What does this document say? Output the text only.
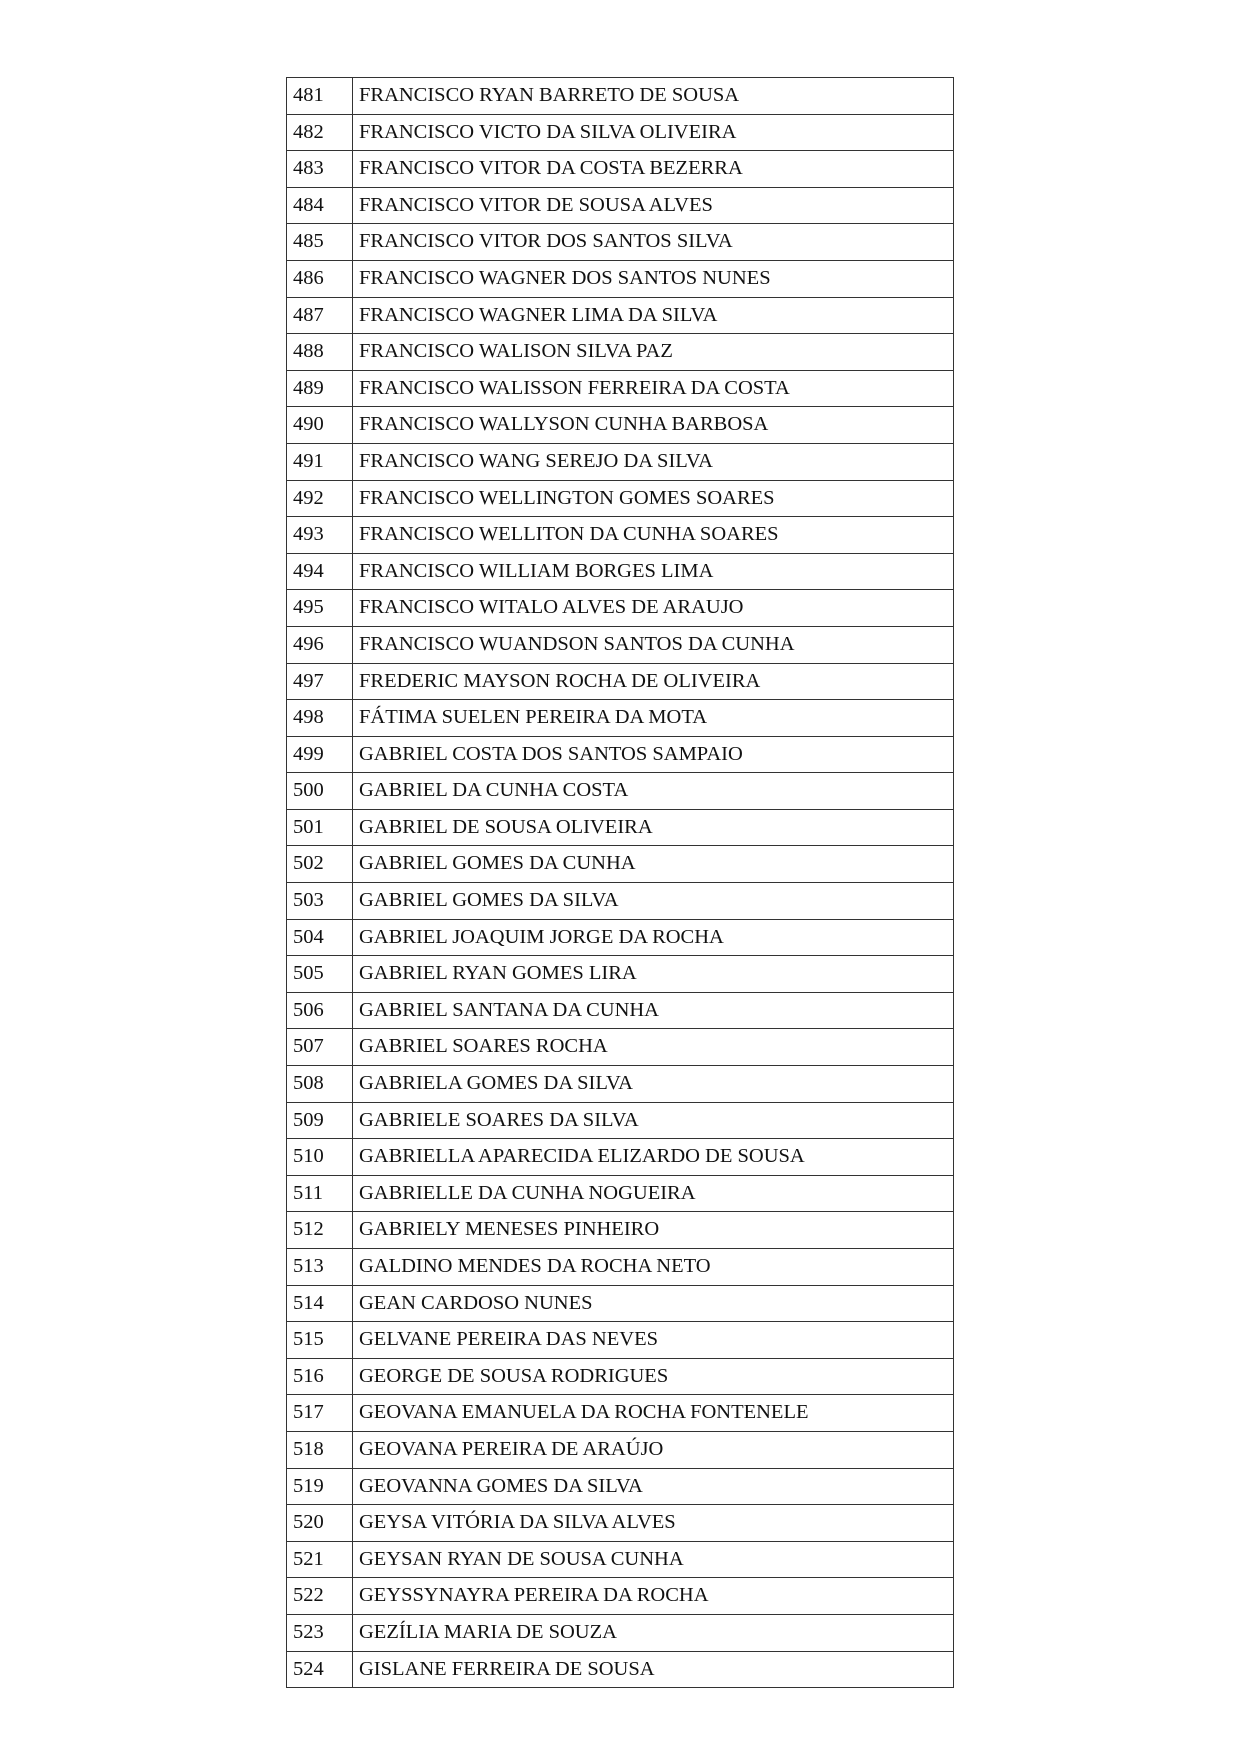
481	FRANCISCO RYAN BARRETO DE SOUSA
482	FRANCISCO VICTO DA SILVA OLIVEIRA
483	FRANCISCO VITOR DA COSTA BEZERRA
484	FRANCISCO VITOR DE SOUSA ALVES
485	FRANCISCO VITOR DOS SANTOS SILVA
486	FRANCISCO WAGNER DOS SANTOS NUNES
487	FRANCISCO WAGNER LIMA DA SILVA
488	FRANCISCO WALISON SILVA PAZ
489	FRANCISCO WALISSON FERREIRA DA COSTA
490	FRANCISCO WALLYSON CUNHA BARBOSA
491	FRANCISCO WANG SEREJO DA SILVA
492	FRANCISCO WELLINGTON GOMES SOARES
493	FRANCISCO WELLITON DA CUNHA SOARES
494	FRANCISCO WILLIAM BORGES LIMA
495	FRANCISCO WITALO ALVES DE ARAUJO
496	FRANCISCO WUANDSON SANTOS DA CUNHA
497	FREDERIC MAYSON ROCHA DE OLIVEIRA
498	FÁTIMA SUELEN PEREIRA DA MOTA
499	GABRIEL COSTA DOS SANTOS SAMPAIO
500	GABRIEL DA CUNHA COSTA
501	GABRIEL DE SOUSA OLIVEIRA
502	GABRIEL GOMES DA CUNHA
503	GABRIEL GOMES DA SILVA
504	GABRIEL JOAQUIM JORGE DA ROCHA
505	GABRIEL RYAN GOMES LIRA
506	GABRIEL SANTANA DA CUNHA
507	GABRIEL SOARES ROCHA
508	GABRIELA GOMES DA SILVA
509	GABRIELE SOARES DA SILVA
510	GABRIELLA APARECIDA ELIZARDO DE SOUSA
511	GABRIELLE DA CUNHA NOGUEIRA
512	GABRIELY MENESES PINHEIRO
513	GALDINO MENDES DA ROCHA NETO
514	GEAN CARDOSO NUNES
515	GELVANE PEREIRA DAS NEVES
516	GEORGE DE SOUSA RODRIGUES
517	GEOVANA EMANUELA DA ROCHA FONTENELE
518	GEOVANA PEREIRA DE ARAÚJO
519	GEOVANNA GOMES DA SILVA
520	GEYSA VITÓRIA DA SILVA ALVES
521	GEYSAN RYAN DE SOUSA CUNHA
522	GEYSSYNAYRA PEREIRA DA ROCHA
523	GEZÍLIA MARIA DE SOUZA
524	GISLANE FERREIRA DE SOUSA
